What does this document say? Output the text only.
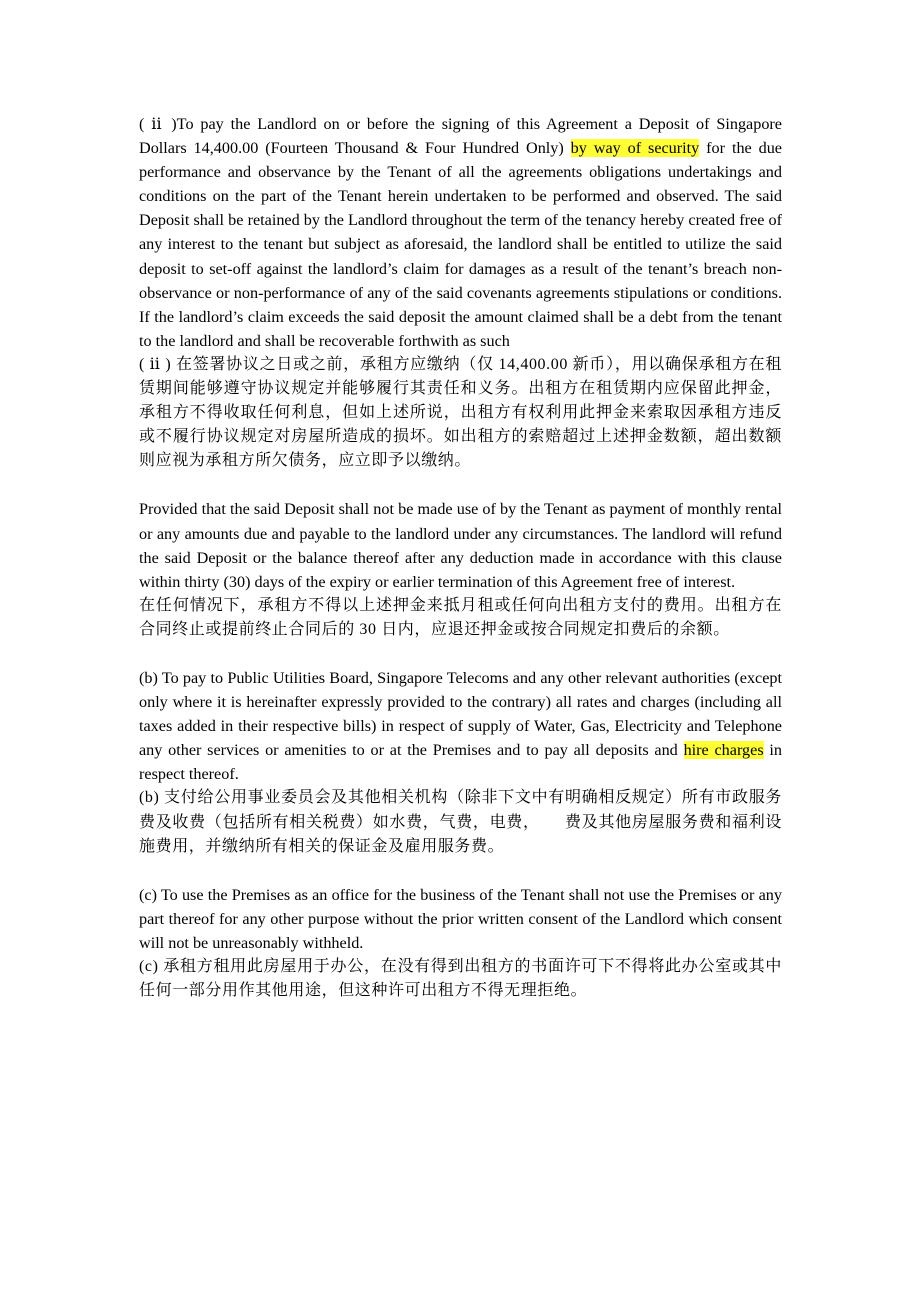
( ⅱ )To pay the Landlord on or before the signing of this Agreement a Deposit of Singapore Dollars 14,400.00 (Fourteen Thousand & Four Hundred Only) by way of security for the due performance and observance by the Tenant of all the agreements obligations undertakings and conditions on the part of the Tenant herein undertaken to be performed and observed. The said Deposit shall be retained by the Landlord throughout the term of the tenancy hereby created free of any interest to the tenant but subject as aforesaid, the landlord shall be entitled to utilize the said deposit to set-off against the landlord’s claim for damages as a result of the tenant’s breach non-observance or non-performance of any of the said covenants agreements stipulations or conditions. If the landlord’s claim exceeds the said deposit the amount claimed shall be a debt from the tenant to the landlord and shall be recoverable forthwith as such

( ⅱ ) 在签署协议之日或之前，承租方应缴纳（仅 14,400.00 新币），用以确保承租方在租赁期间能够遵守协议规定并能够履行其责任和义务。出租方在租赁期内应保留此押金，承租方不得收取任何利息，但如上述所说，出租方有权利用此押金来索取因承租方违反或不履行协议规定对房屋所造成的损坏。如出租方的索赔超过上述押金数额，超出数额则应视为承租方所欠债务，应立即予以缴纳。

Provided that the said Deposit shall not be made use of by the Tenant as payment of monthly rental or any amounts due and payable to the landlord under any circumstances. The landlord will refund the said Deposit or the balance thereof after any deduction made in accordance with this clause within thirty (30) days of the expiry or earlier termination of this Agreement free of interest.

在任何情况下，承租方不得以上述押金来抵月租或任何向出租方支付的费用。出租方在合同终止或提前终止合同后的 30 日内，应退还押金或按合同规定扣费后的余额。

(b) To pay to Public Utilities Board, Singapore Telecoms and any other relevant authorities (except only where it is hereinafter expressly provided to the contrary) all rates and charges (including all taxes added in their respective bills) in respect of supply of Water, Gas, Electricity and Telephone any other services or amenities to or at the Premises and to pay all deposits and hire charges in respect thereof.

(b) 支付给公用事业委员会及其他相关机构（除非下文中有明确相反规定）所有市政服务费及收费（包括所有相关税费）如水费，气费，电费，　　费及其他房屋服务费和福利设施费用，并缴纳所有相关的保证金及雇用服务费。

(c) To use the Premises as an office for the business of the Tenant shall not use the Premises or any part thereof for any other purpose without the prior written consent of the Landlord which consent will not be unreasonably withheld.

(c) 承租方租用此房屋用于办公，在没有得到出租方的书面许可下不得将此办公室或其中任何一部分用作其他用途，但这种许可出租方不得无理拒绝。
